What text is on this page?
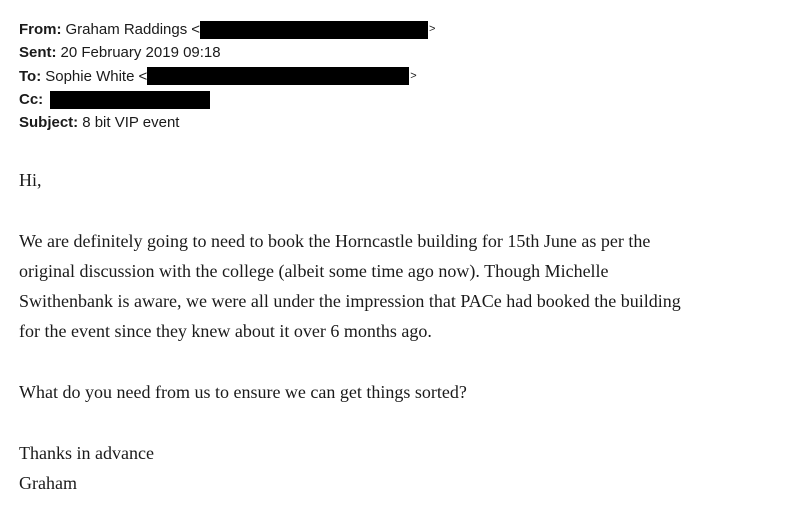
From: Graham Raddings <	>
Sent: 20 February 2019 09:18
To: Sophie White <	>
Cc:
Subject: 8 bit VIP event

Hi,

We are definitely going to need to book the Horncastle building for 15th June as per the

original discussion with the college (albeit some time ago now). Though Michelle

Swithenbank is aware, we were all under the impression that PACe had booked the building

for the event since they knew about it over 6 months ago.

What do you need from us to ensure we can get things sorted?

Thanks in advance

Graham
